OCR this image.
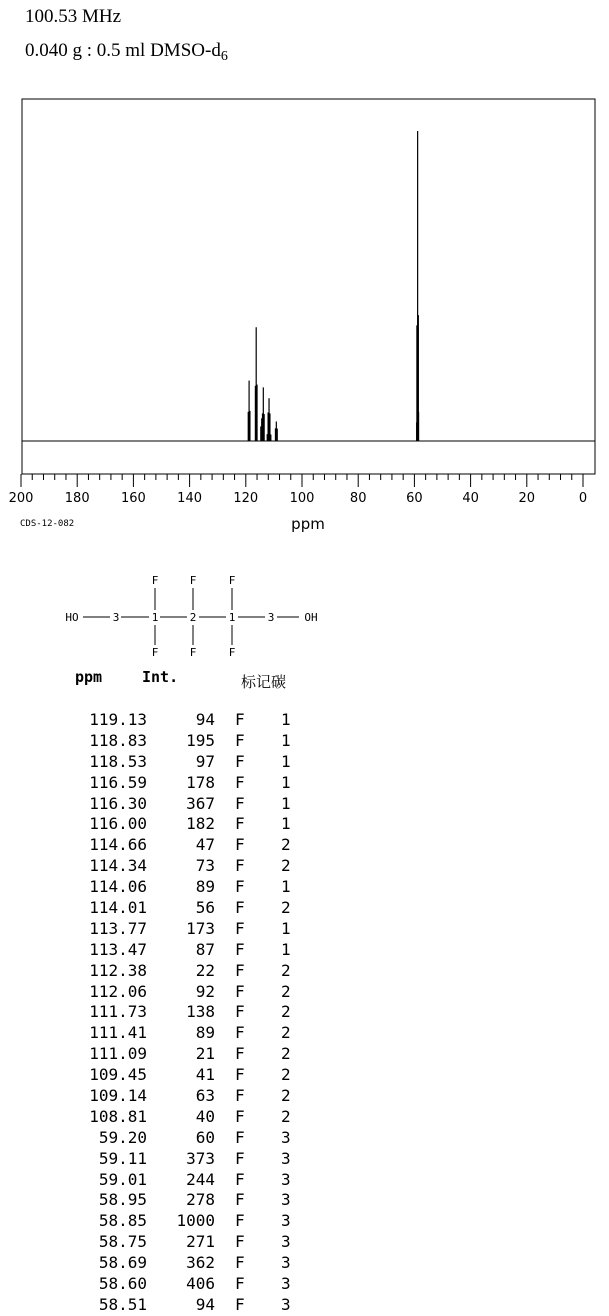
100.53 MHz
0.040 g : 0.5 ml DMSO-$d_6$
200 180 160 140 120 100	80	60	40	20	0
ppm
CDS-12-082
HO	OH
3	1	2	1	3
F
F
F
F
F
F
ppm	Int.	标记碳
119.13	94 F 1
118.83 195 F 1
118.53	97 F 1
116.59 178 F 1
116.30 367 F 1
116.00 182 F 1
114.66	47 F 2
114.34	73 F 2
114.06	89 F 1
114.01	56 F 2
113.77 173 F 1
113.47	87 F 1
112.38	22 F 2
112.06	92 F 2
111.73 138 F 2
111.41	89 F 2
111.09	21 F 2
109.45	41 F 2
109.14	63 F 2
108.81	40 F 2
59.20	60 F 3
59.11 373 F 3
59.01 244 F 3
58.95 278 F 3
58.85 1000 F 3
58.75 271 F 3
58.69 362 F 3
58.60 406 F 3
58.51	94 F 3
